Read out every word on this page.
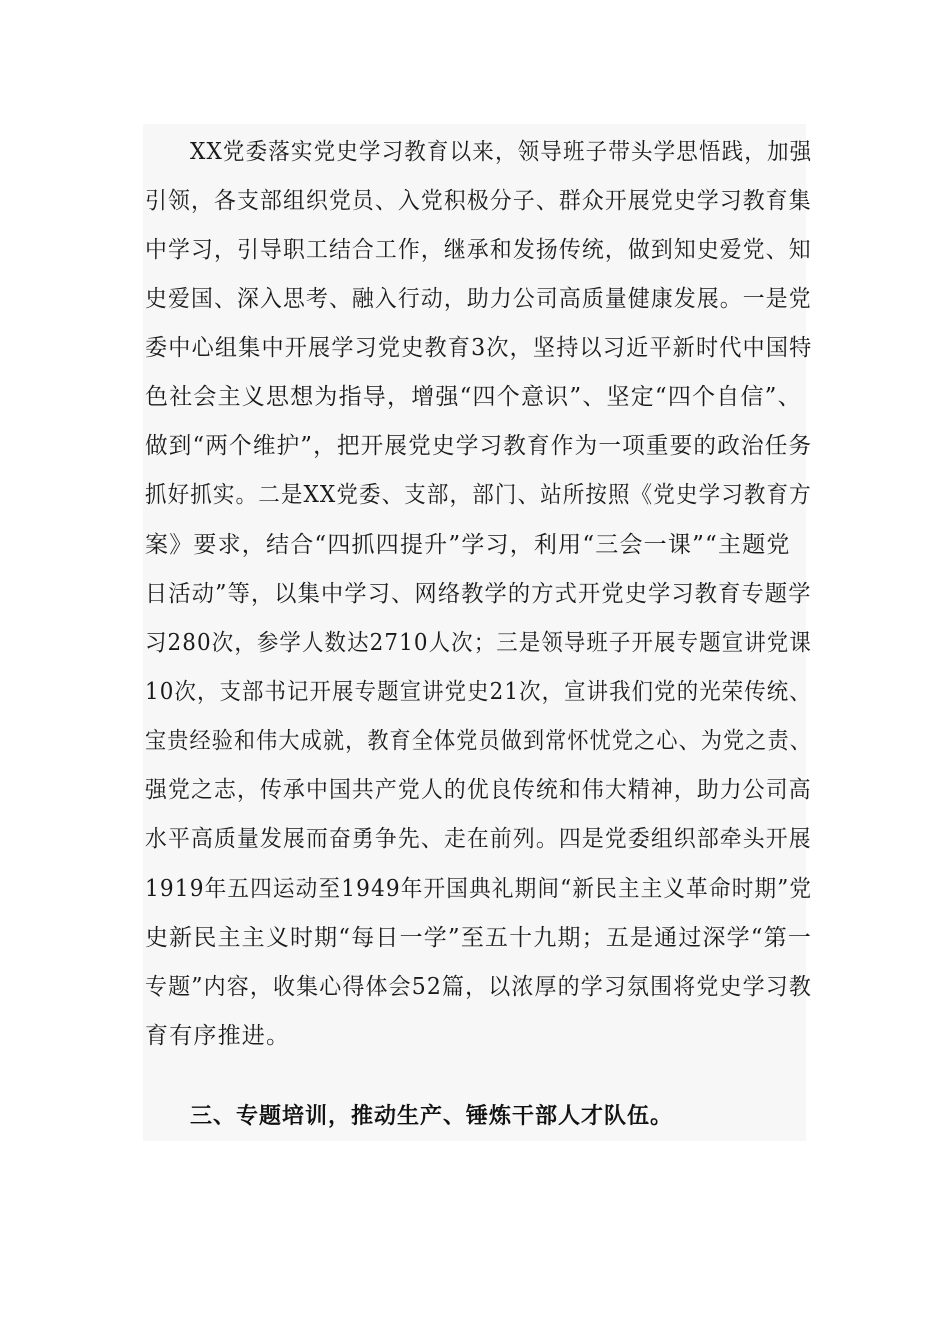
XX党委落实党史学习教育以来，领导班子带头学思悟践，加强
引领，各支部组织党员、入党积极分子、群众开展党史学习教育集
中学习，引导职工结合工作，继承和发扬传统，做到知史爱党、知
史爱国、深入思考、融入行动，助力公司高质量健康发展。一是党
委中心组集中开展学习党史教育3次，坚持以习近平新时代中国特
色社会主义思想为指导，增强“四个意识”、坚定“四个自信”、
做到“两个维护”，把开展党史学习教育作为一项重要的政治任务
抓好抓实。二是XX党委、支部，部门、站所按照《党史学习教育方
案》要求，结合“四抓四提升”学习，利用“三会一课”“主题党
日活动”等，以集中学习、网络教学的方式开党史学习教育专题学
习280次，参学人数达2710人次；三是领导班子开展专题宣讲党课
10次，支部书记开展专题宣讲党史21次，宣讲我们党的光荣传统、
宝贵经验和伟大成就，教育全体党员做到常怀忧党之心、为党之责、
强党之志，传承中国共产党人的优良传统和伟大精神，助力公司高
水平高质量发展而奋勇争先、走在前列。四是党委组织部牵头开展
1919年五四运动至1949年开国典礼期间“新民主主义革命时期”党
史新民主主义时期“每日一学”至五十九期；五是通过深学“第一
专题”内容，收集心得体会52篇，以浓厚的学习氛围将党史学习教
育有序推进。
三、专题培训，推动生产、锤炼干部人才队伍。
